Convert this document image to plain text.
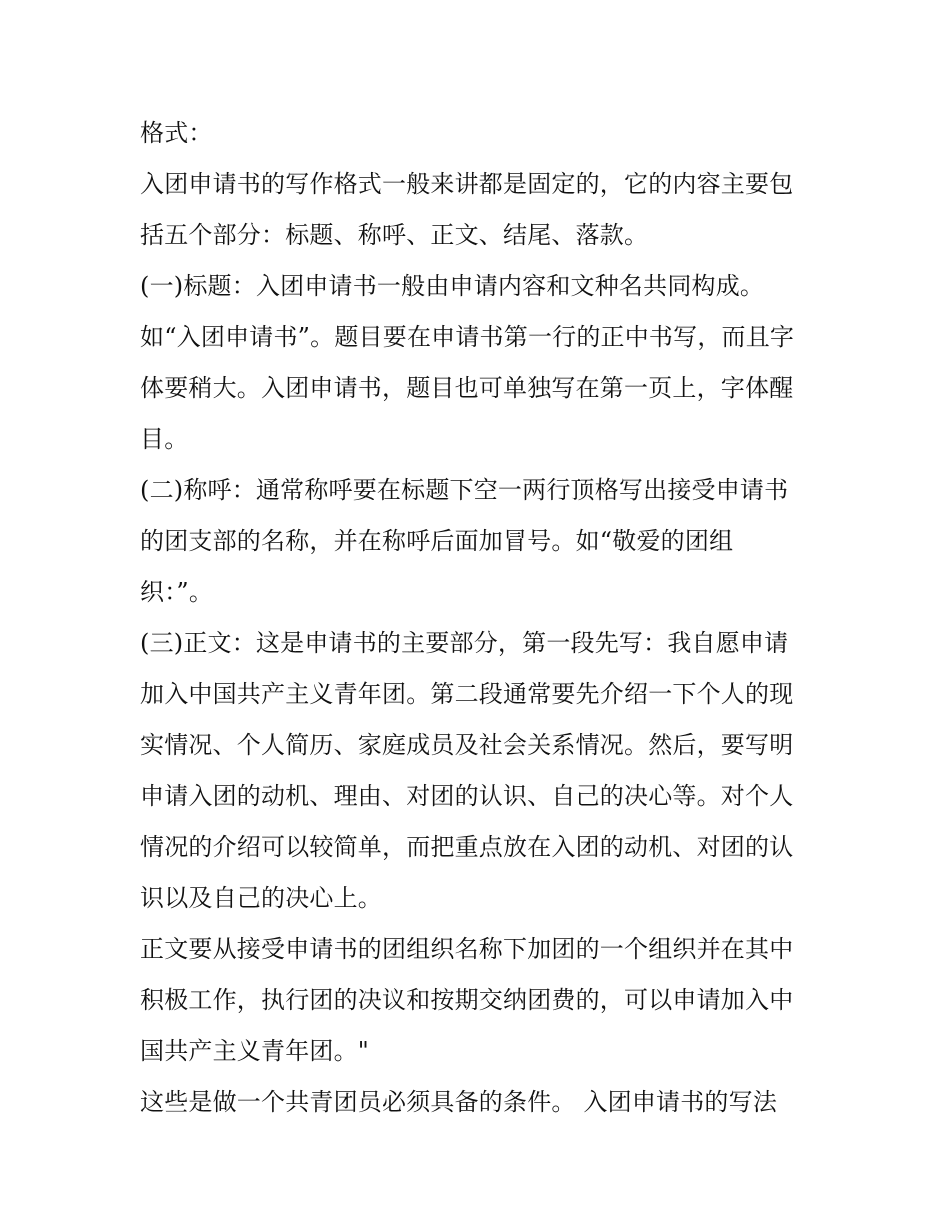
格式：
入团申请书的写作格式一般来讲都是固定的，它的内容主要包
括五个部分：标题、称呼、正文、结尾、落款。
(一)标题：入团申请书一般由申请内容和文种名共同构成。
如“入团申请书”。题目要在申请书第一行的正中书写，而且字
体要稍大。入团申请书，题目也可单独写在第一页上，字体醒
目。
(二)称呼：通常称呼要在标题下空一两行顶格写出接受申请书
的团支部的名称，并在称呼后面加冒号。如“敬爱的团组
织：”。
(三)正文：这是申请书的主要部分，第一段先写：我自愿申请
加入中国共产主义青年团。第二段通常要先介绍一下个人的现
实情况、个人简历、家庭成员及社会关系情况。然后，要写明
申请入团的动机、理由、对团的认识、自己的决心等。对个人
情况的介绍可以较简单，而把重点放在入团的动机、对团的认
识以及自己的决心上。
正文要从接受申请书的团组织名称下加团的一个组织并在其中
积极工作，执行团的决议和按期交纳团费的，可以申请加入中
国共产主义青年团。"
这些是做一个共青团员必须具备的条件。 入团申请书的写法
